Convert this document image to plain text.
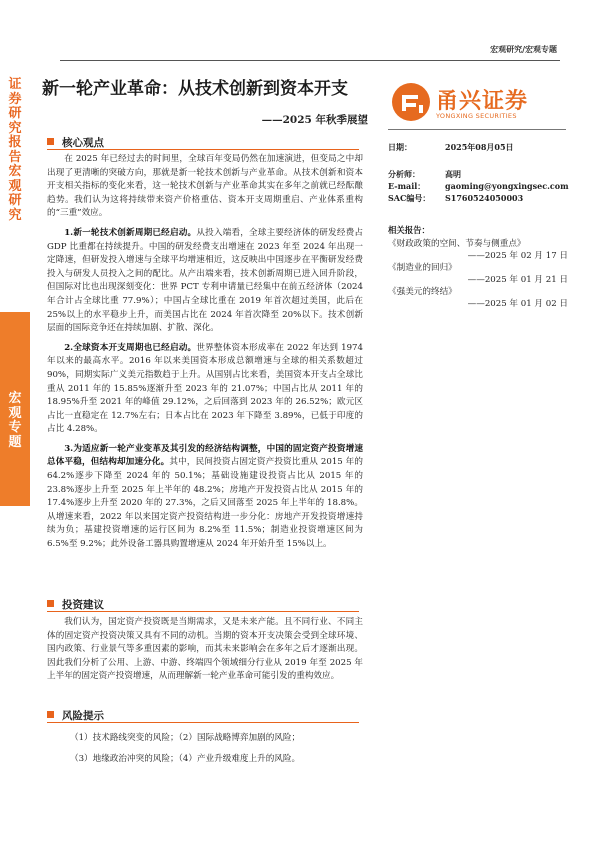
宏观研究/宏观专题
证券研究报告 宏观研究
宏观专题
新一轮产业革命：从技术创新到资本开支
——2025 年秋季展望
甬兴证券
YONGXING SECURITIES
日期：	2025年08月05日
分析师：	高明
E-mail： gaoming@yongxingsec.com
SAC编号： S1760524050003
相关报告：
《财政政策的空间、节奏与侧重点》
——2025 年 02 月 17 日
《制造业的回归》
——2025 年 01 月 21 日
《强美元的终结》
——2025 年 01 月 02 日
核心观点

在 2025 年已经过去的时间里，全球百年变局仍然在加速演进，但变局之中却出现了更清晰的突破方向，那就是新一轮技术创新与产业革命。从技术创新和资本开支相关指标的变化来看，这一轮技术创新与产业革命其实在多年之前就已经酝酿趋势。我们认为这将持续带来资产价格重估、资本开支周期重启、产业体系重构的“三重”效应。

1.新一轮技术创新周期已经启动。从投入端看，全球主要经济体的研发经费占 GDP 比重都在持续提升。中国的研发经费支出增速在 2023 年至 2024 年出现一定降速，但研发投入增速与全球平均增速相近，这反映出中国逐步在平衡研发经费投入与研发人员投入之间的配比。从产出端来看，技术创新周期已进入回升阶段，但国际对比也出现深刻变化：世界 PCT 专利申请量已经集中在前五经济体（2024 年合计占全球比重 77.9%）；中国占全球比重在 2019 年首次超过美国，此后在 25%以上的水平稳步上升，而美国占比在 2024 年首次降至 20%以下。技术创新层面的国际竞争还在持续加剧、扩散、深化。

2.全球资本开支周期也已经启动。世界整体资本形成率在 2022 年达到 1974 年以来的最高水平。2016 年以来美国资本形成总额增速与全球的相关系数超过 90%，同期实际广义美元指数趋于上升。从国别占比来看，美国资本开支占全球比重从 2011 年的 15.85%逐渐升至 2023 年的 21.07%；中国占比从 2011 年的 18.95%升至 2021 年的峰值 29.12%，之后回落到 2023 年的 26.52%；欧元区占比一直稳定在 12.7%左右；日本占比在 2023 年下降至 3.89%，已低于印度的占比 4.28%。

3.为适应新一轮产业变革及其引发的经济结构调整，中国的固定资产投资增速总体平稳，但结构却加速分化。其中，民间投资占固定资产投资比重从 2015 年的 64.2%逐步下降至 2024 年的 50.1%；基础设施建设投资占比从 2015 年的 23.8%逐步上升至 2025 年上半年的 48.2%；房地产开发投资占比从 2015 年的 17.4%逐步上升至 2020 年的 27.3%，之后又回落至 2025 年上半年的 18.8%。从增速来看，2022 年以来国定资产投资结构进一步分化：房地产开发投资增速持续为负；基建投资增速的运行区间为 8.2%至 11.5%；制造业投资增速区间为 6.5%至 9.2%；此外设备工器具购置增速从 2024 年开始升至 15%以上。

投资建议

我们认为，国定资产投资既是当期需求，又是未来产能。且不同行业、不同主体的固定资产投资决策又具有不同的动机。当期的资本开支决策会受到全球环境、国内政策、行业景气等多重因素的影响，而其未来影响会在多年之后才逐渐出现。因此我们分析了公用、上游、中游、终端四个领域细分行业从 2019 年至 2025 年上半年的固定资产投资增速，从而理解新一轮产业革命可能引发的重构效应。

风险提示
（1）技术路线突变的风险；（2）国际战略博弈加剧的风险；
（3）地缘政治冲突的风险；（4）产业升级难度上升的风险。
